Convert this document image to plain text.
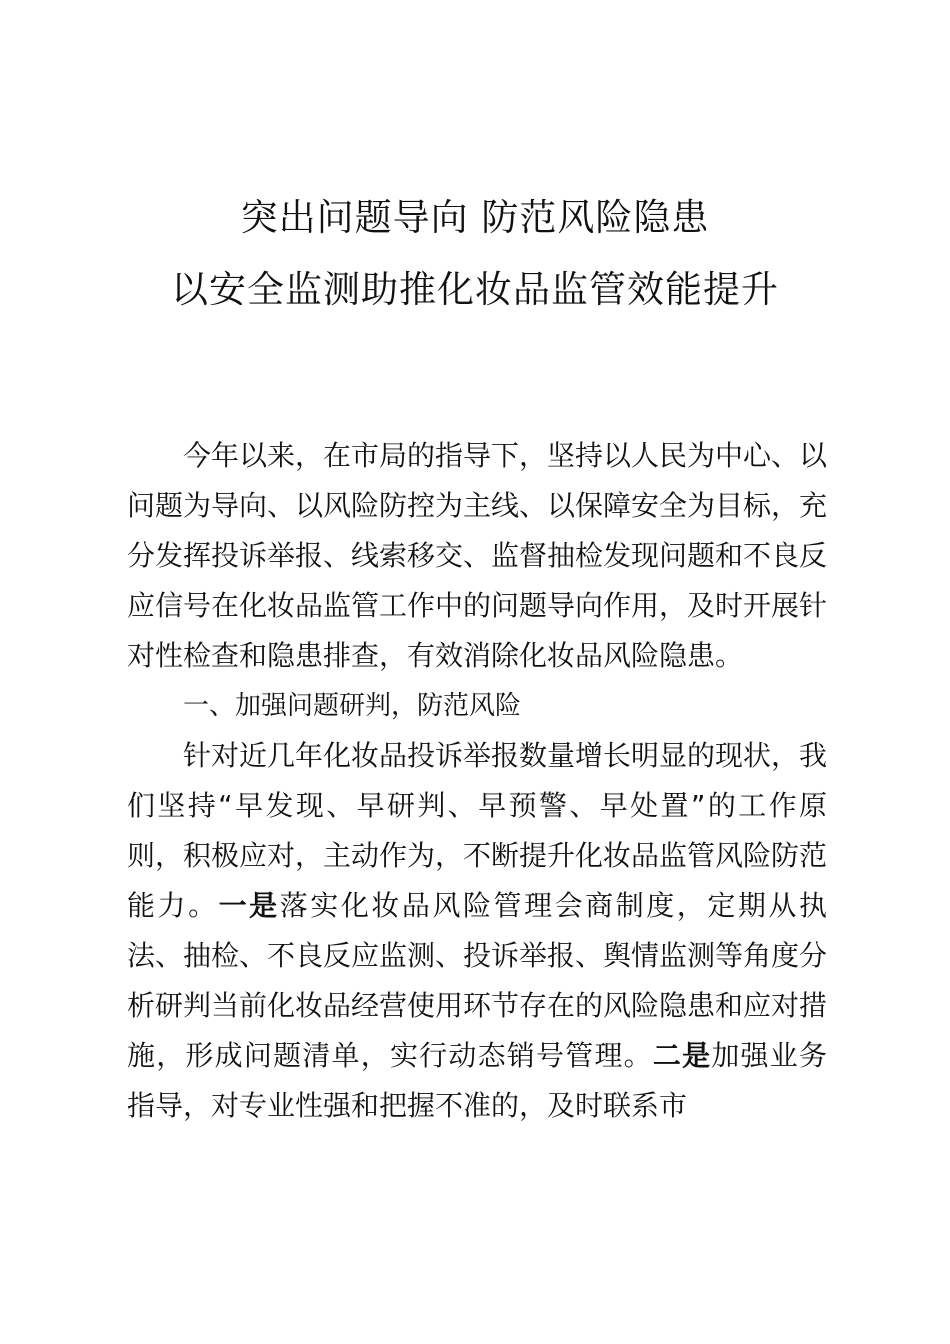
突出问题导向 防范风险隐患
以安全监测助推化妆品监管效能提升

今年以来，在市局的指导下，坚持以人民为中心、以问题为导向、以风险防控为主线、以保障安全为目标，充分发挥投诉举报、线索移交、监督抽检发现问题和不良反应信号在化妆品监管工作中的问题导向作用，及时开展针对性检查和隐患排查，有效消除化妆品风险隐患。

一、加强问题研判，防范风险

针对近几年化妆品投诉举报数量增长明显的现状，我们坚持“早发现、早研判、早预警、早处置”的工作原则，积极应对，主动作为，不断提升化妆品监管风险防范能力。一是落实化妆品风险管理会商制度，定期从执法、抽检、不良反应监测、投诉举报、舆情监测等角度分析研判当前化妆品经营使用环节存在的风险隐患和应对措施，形成问题清单，实行动态销号管理。二是加强业务指导，对专业性强和把握不准的，及时联系市
